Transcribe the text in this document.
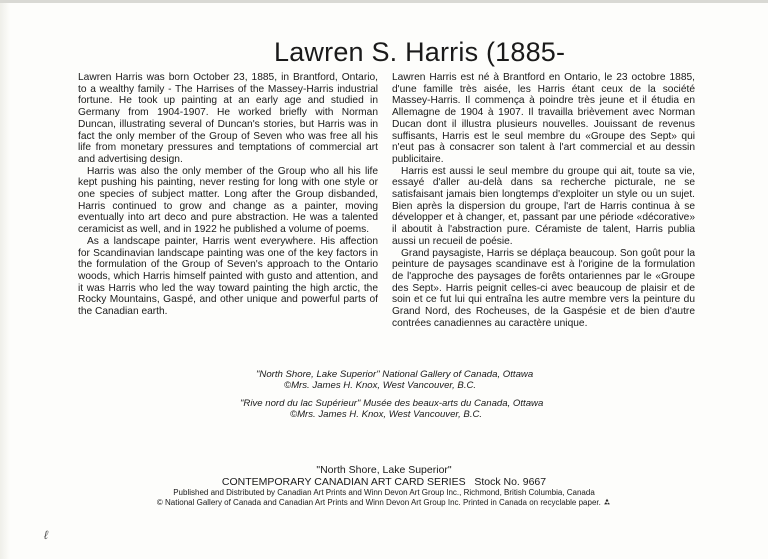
Lawren S. Harris (1885-

Lawren Harris was born October 23, 1885, in Brantford, Ontario, to a wealthy family - The Harrises of the Massey-Harris industrial fortune. He took up painting at an early age and studied in Germany from 1904-1907. He worked briefly with Norman Duncan, illustrating several of Duncan's stories, but Harris was in fact the only member of the Group of Seven who was free all his life from monetary pressures and temptations of commercial art and advertising design.

Harris was also the only member of the Group who all his life kept pushing his painting, never resting for long with one style or one species of subject matter. Long after the Group disbanded, Harris continued to grow and change as a painter, moving eventually into art deco and pure abstraction. He was a talented ceramicist as well, and in 1922 he published a volume of poems.

As a landscape painter, Harris went everywhere. His affection for Scandinavian landscape painting was one of the key factors in the formulation of the Group of Seven's approach to the Ontario woods, which Harris himself painted with gusto and attention, and it was Harris who led the way toward painting the high arctic, the Rocky Mountains, Gaspé, and other unique and powerful parts of the Canadian earth.

Lawren Harris est né à Brantford en Ontario, le 23 octobre 1885, d'une famille très aisée, les Harris étant ceux de la société Massey-Harris. Il commença à poindre très jeune et il étudia en Allemagne de 1904 à 1907. Il travailla brièvement avec Norman Ducan dont il illustra plusieurs nouvelles. Jouissant de revenus suffisants, Harris est le seul membre du «Groupe des Sept» qui n'eut pas à consacrer son talent à l'art commercial et au dessin publicitaire.

Harris est aussi le seul membre du groupe qui ait, toute sa vie, essayé d'aller au-delà dans sa recherche picturale, ne se satisfaisant jamais bien longtemps d'exploiter un style ou un sujet. Bien après la dispersion du groupe, l'art de Harris continua à se développer et à changer, et, passant par une période «décorative» il aboutit à l'abstraction pure. Céramiste de talent, Harris publia aussi un recueil de poésie.

Grand paysagiste, Harris se déplaça beaucoup. Son goût pour la peinture de paysages scandinave est à l'origine de la formulation de l'approche des paysages de forêts ontariennes par le «Groupe des Sept». Harris peignit celles-ci avec beaucoup de plaisir et de soin et ce fut lui qui entraîna les autre membre vers la peinture du Grand Nord, des Rocheuses, de la Gaspésie et de bien d'autre contrées canadiennes au caractère unique.

"North Shore, Lake Superior" National Gallery of Canada, Ottawa
©Mrs. James H. Knox, West Vancouver, B.C.
"Rive nord du lac Supérieur" Musée des beaux-arts du Canada, Ottawa
©Mrs. James H. Knox, West Vancouver, B.C.
"North Shore, Lake Superior"
CONTEMPORARY CANADIAN ART CARD SERIES   Stock No. 9667
Published and Distributed by Canadian Art Prints and Winn Devon Art Group Inc., Richmond, British Columbia, Canada
© National Gallery of Canada and Canadian Art Prints and Winn Devon Art Group Inc. Printed in Canada on recyclable paper.
ℓ
